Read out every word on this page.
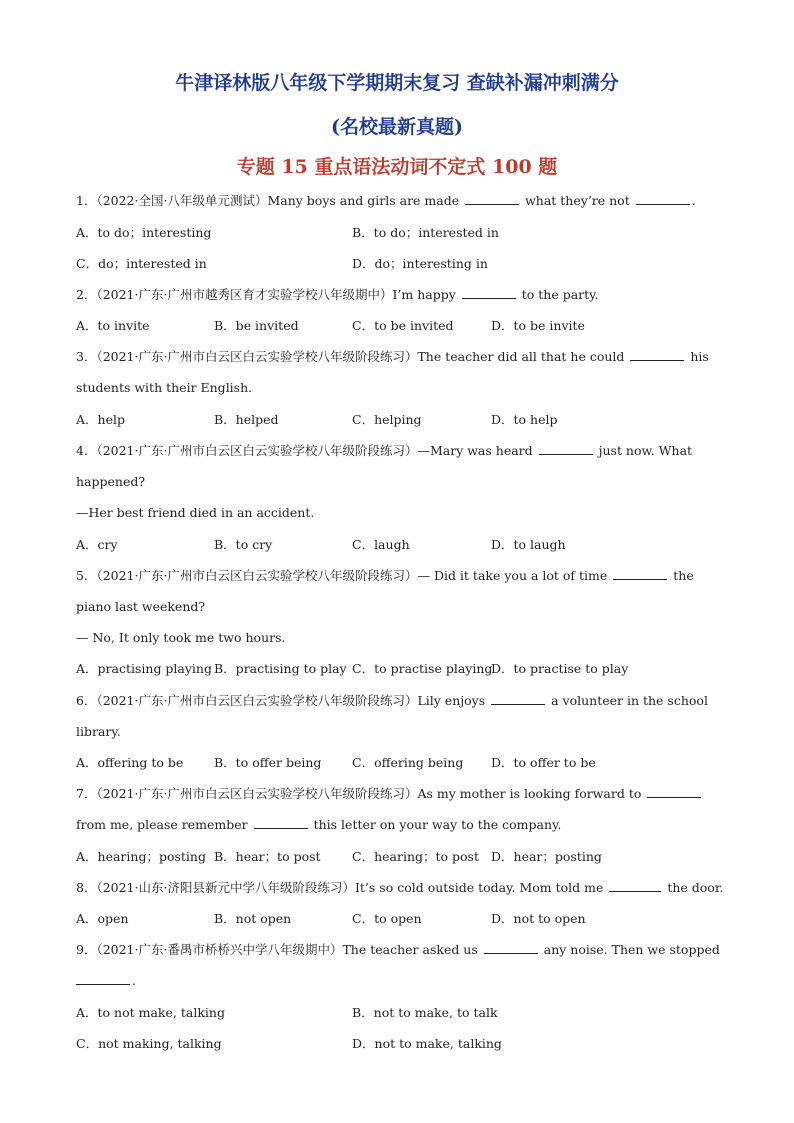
牛津译林版八年级下学期期末复习 查缺补漏冲刺满分
(名校最新真题)
专题 15 重点语法动词不定式 100 题
1．（2022·全国·八年级单元测试）Many boys and girls are made	what they’re not	.
A．to do；interesting	B．to do；interested in
C．do；interested in	D．do；interesting in
2．（2021·广东·广州市越秀区育才实验学校八年级期中）I’m happy	to the party.
A．to invite	B．be invited	C．to be invited	D．to be invite
3．（2021·广东·广州市白云区白云实验学校八年级阶段练习）The teacher did all that he could	his
students with their English.
A．help	B．helped	C．helping	D．to help
4．（2021·广东·广州市白云区白云实验学校八年级阶段练习）—Mary was heard	just now. What
happened?
—Her best friend died in an accident.
A．cry	B．to cry	C．laugh	D．to laugh
5．（2021·广东·广州市白云区白云实验学校八年级阶段练习）— Did it take you a lot of time	the
piano last weekend?
— No, It only took me two hours.
A．practising playing B．practising to play C．to practise playing
D．to practise to play
6．（2021·广东·广州市白云区白云实验学校八年级阶段练习）Lily enjoys	a volunteer in the school
library.
A．offering to be B．to offer being C．offering being D．to offer to be
7．（2021·广东·广州市白云区白云实验学校八年级阶段练习）As my mother is looking forward to
from me, please remember	this letter on your way to the company.
A．hearing；posting B．hear；to post	C．hearing；to post D．hear；posting
8．（2021·山东·济阳县新元中学八年级阶段练习）It’s so cold outside today. Mom told me	the door.
A．open	B．not open	C．to open	D．not to open
9．（2021·广东·番禺市桥桥兴中学八年级期中）The teacher asked us	any noise. Then we stopped
.
A．to not make, talking	B．not to make, to talk
C．not making, talking	D．not to make, talking
